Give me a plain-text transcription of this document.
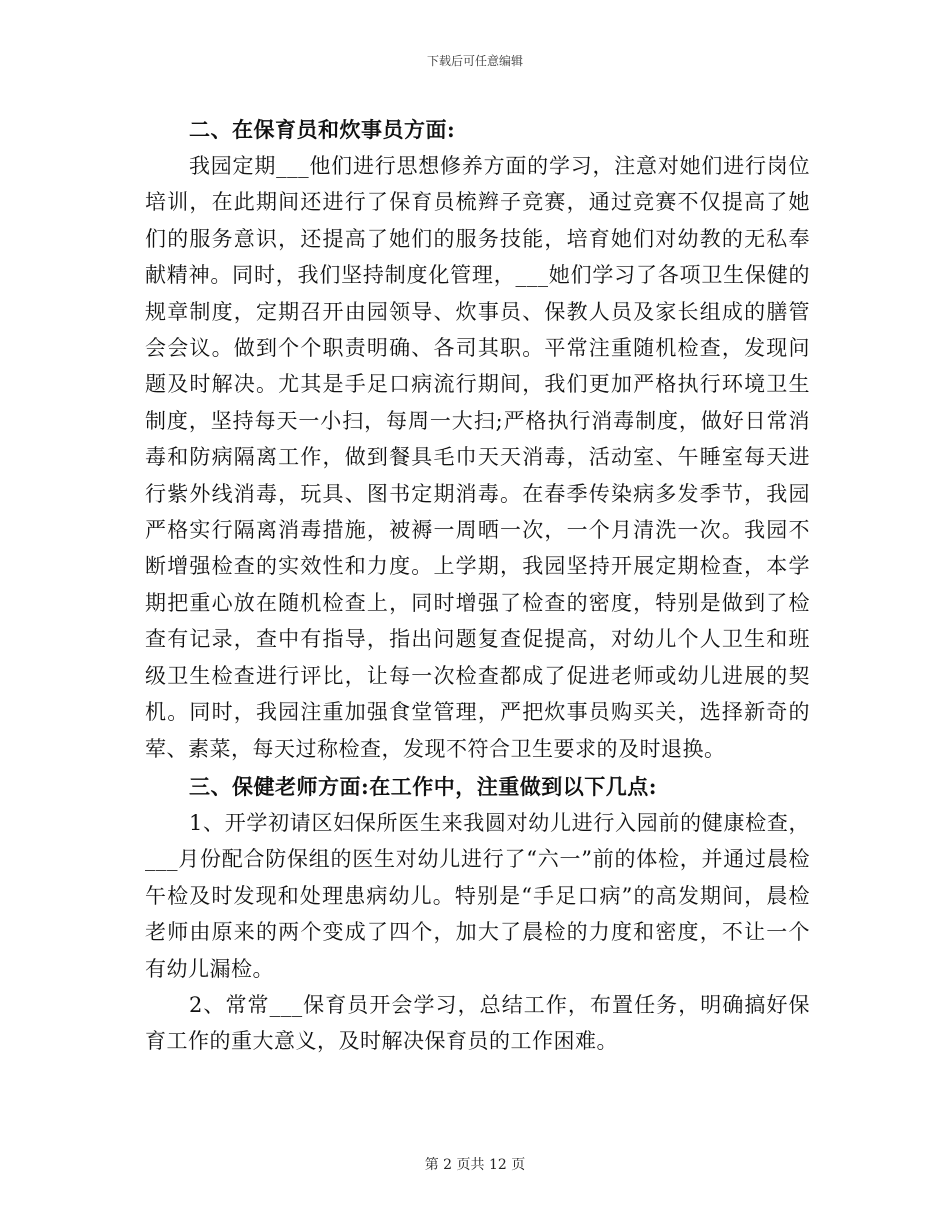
下载后可任意编辑

二、在保育员和炊事员方面:

我园定期___他们进行思想修养方面的学习，注意对她们进行岗位培训，在此期间还进行了保育员梳辫子竞赛，通过竞赛不仅提高了她们的服务意识，还提高了她们的服务技能，培育她们对幼教的无私奉献精神。同时，我们坚持制度化管理，___她们学习了各项卫生保健的规章制度，定期召开由园领导、炊事员、保教人员及家长组成的膳管会会议。做到个个职责明确、各司其职。平常注重随机检查，发现问题及时解决。尤其是手足口病流行期间，我们更加严格执行环境卫生制度，坚持每天一小扫，每周一大扫;严格执行消毒制度，做好日常消毒和防病隔离工作，做到餐具毛巾天天消毒，活动室、午睡室每天进行紫外线消毒，玩具、图书定期消毒。在春季传染病多发季节，我园严格实行隔离消毒措施，被褥一周晒一次，一个月清洗一次。我园不断增强检查的实效性和力度。上学期，我园坚持开展定期检查，本学期把重心放在随机检查上，同时增强了检查的密度，特别是做到了检查有记录，查中有指导，指出问题复查促提高，对幼儿个人卫生和班级卫生检查进行评比，让每一次检查都成了促进老师或幼儿进展的契机。同时，我园注重加强食堂管理，严把炊事员购买关，选择新奇的荤、素菜，每天过称检查，发现不符合卫生要求的及时退换。

三、保健老师方面:在工作中，注重做到以下几点:

1、开学初请区妇保所医生来我圆对幼儿进行入园前的健康检查，___月份配合防保组的医生对幼儿进行了“六一”前的体检，并通过晨检午检及时发现和处理患病幼儿。特别是“手足口病”的高发期间，晨检老师由原来的两个变成了四个，加大了晨检的力度和密度，不让一个有幼儿漏检。

2、常常___保育员开会学习，总结工作，布置任务，明确搞好保育工作的重大意义，及时解决保育员的工作困难。

第 2 页共 12 页
